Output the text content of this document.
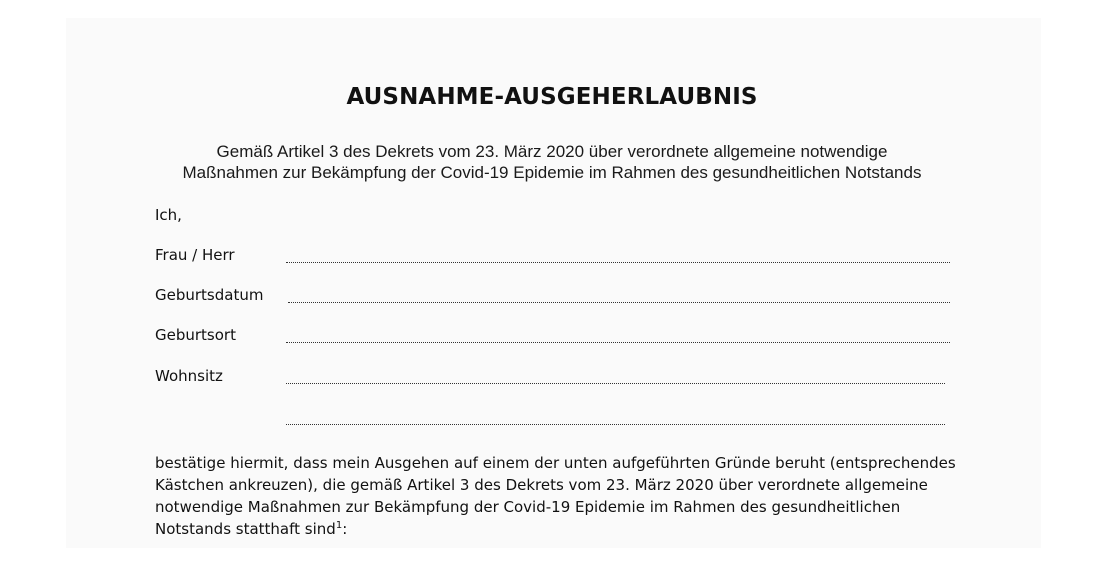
AUSNAHME-AUSGEHERLAUBNIS
Gemäß Artikel 3 des Dekrets vom 23. März 2020 über verordnete allgemeine notwendige
Maßnahmen zur Bekämpfung der Covid-19 Epidemie im Rahmen des gesundheitlichen Notstands
Ich,
Frau / Herr
Geburtsdatum
Geburtsort
Wohnsitz
bestätige hiermit, dass mein Ausgehen auf einem der unten aufgeführten Gründe beruht (entsprechendes
Kästchen ankreuzen), die gemäß Artikel 3 des Dekrets vom 23. März 2020 über verordnete allgemeine
notwendige Maßnahmen zur Bekämpfung der Covid-19 Epidemie im Rahmen des gesundheitlichen
Notstands statthaft sind$^1$:
